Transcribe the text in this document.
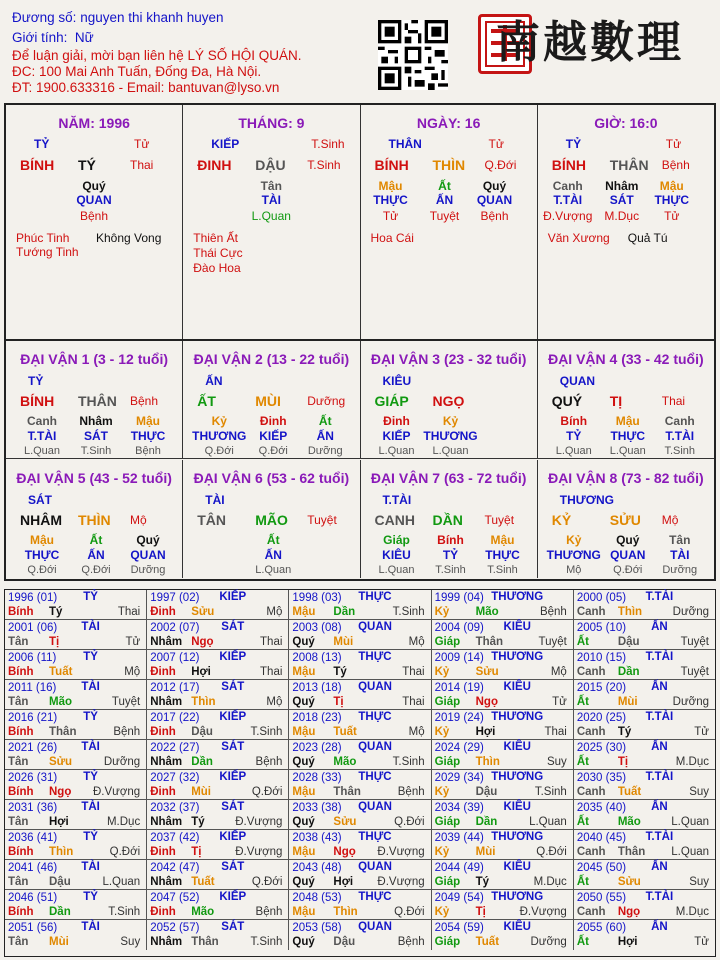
Đương số: nguyen thi khanh huyen
Giới tính: Nữ
Để luận giải, mời bạn liên hệ LÝ SỐ HỘI QUÁN.
ĐC: 100 Mai Anh Tuấn, Đống Đa, Hà Nội.
ĐT: 1900.633316 - Email: bantuvan@lyso.vn
南越數理
NĂM: 1996
TỶ	Tử
BÍNH TÝ	Thai
Quý
QUAN
Bệnh
Phúc Tinh Không Vong
Tướng Tinh
THÁNG: 9
KIẾP	T.Sinh
ĐINH DẬU T.Sinh
Tân
TÀI
L.Quan
Thiên Ất
Thái Cực
Đào Hoa
NGÀY: 16
THÂN	Tử
BÍNH THÌN Q.Đới
Mậu
THỰC
Tử
Ất
ẤN
Tuyệt
Quý
QUAN
Bệnh
Hoa Cái
GIỜ: 16:0
TỶ	Tử
BÍNH THÂN Bệnh
Canh
T.TÀI
Đ.Vượng
Nhâm
SÁT
M.Dục
Mậu
THỰC
Tử
Văn Xương Quả Tú
ĐẠI VẬN 1 (3 - 12 tuổi)
TỶ
BÍNH THÂN Bệnh
Canh
T.TÀI
L.Quan
Nhâm
SÁT
T.Sinh
Mậu
THỰC
Bệnh
ĐẠI VẬN 2 (13 - 22 tuổi)
ẤN
ẤT	MÙI Dưỡng
Kỷ
THƯƠNG
Q.Đới
Đinh
KIẾP
Q.Đới
Ất
ẤN
Dưỡng
ĐẠI VẬN 3 (23 - 32 tuổi)
KIÊU
GIÁP NGỌ
Đinh
KIẾP
L.Quan
Kỷ
THƯƠNG
L.Quan
ĐẠI VẬN 4 (33 - 42 tuổi)
QUAN
QUÝ TỊ	Thai
Bính
TỶ
L.Quan
Mậu
THỰC
L.Quan
Canh
T.TÀI
T.Sinh
ĐẠI VẬN 5 (43 - 52 tuổi)
SÁT
NHÂM THÌN Mộ
Mậu
THỰC
Q.Đới
Ất
ẤN
Q.Đới
Quý
QUAN
Dưỡng
ĐẠI VẬN 6 (53 - 62 tuổi)
TÀI
TÂN MÃO Tuyệt
Ất
ẤN
L.Quan
ĐẠI VẬN 7 (63 - 72 tuổi)
T.TÀI
CANH DẦN Tuyệt
Giáp
KIÊU
L.Quan
Bính
TỶ
T.Sinh
Mậu
THỰC
T.Sinh
ĐẠI VẬN 8 (73 - 82 tuổi)
THƯƠNG
KỶ	SỬU Mộ
Kỷ
THƯƠNG
Mộ
Quý
QUAN
Q.Đới
Tân
TÀI
Dưỡng
1996 (01)	TỶ
Bính Tý	Thai
1997 (02)	KIẾP
Đinh Sửu	Mộ
1998 (03)	THỰC
Mậu Dần	T.Sinh
1999 (04) THƯƠNG
Kỷ Mão	Bệnh
2000 (05)	T.TÀI
Canh Thìn	Dưỡng
2001 (06)	TÀI
Tân Tị	Tử
2002 (07)	SÁT
Nhâm Ngọ	Thai
2003 (08)	QUAN
Quý Mùi	Mộ
2004 (09)	KIÊU
Giáp Thân	Tuyệt
2005 (10)	ẤN
Ất	Dậu	Tuyệt
2006 (11)	TỶ
Bính Tuất	Mộ
2007 (12)	KIẾP
Đinh Hợi	Thai
2008 (13)	THỰC
Mậu Tý	Thai
2009 (14) THƯƠNG
Kỷ Sửu	Mộ
2010 (15)	T.TÀI
Canh Dần	Tuyệt
2011 (16)	TÀI
Tân Mão	Tuyệt
2012 (17)	SÁT
Nhâm Thìn	Mộ
2013 (18)	QUAN
Quý Tị	Thai
2014 (19)	KIÊU
Giáp Ngọ	Tử
2015 (20)	ẤN
Ất	Mùi	Dưỡng
2016 (21)	TỶ
Bính Thân	Bệnh
2017 (22)	KIẾP
Đinh Dậu	T.Sinh
2018 (23)	THỰC
Mậu Tuất	Mộ
2019 (24) THƯƠNG
Kỷ Hợi	Thai
2020 (25)	T.TÀI
Canh Tý	Tử
2021 (26)	TÀI
Tân Sửu	Dưỡng
2022 (27)	SÁT
Nhâm Dần	Bệnh
2023 (28)	QUAN
Quý Mão	T.Sinh
2024 (29)	KIÊU
Giáp Thìn	Suy
2025 (30)	ẤN
Ất	Tị	M.Dục
2026 (31)	TỶ
Bính Ngọ Đ.Vượng
2027 (32)	KIẾP
Đinh Mùi	Q.Đới
2028 (33)	THỰC
Mậu Thân	Bệnh
2029 (34) THƯƠNG
Kỷ Dậu	T.Sinh
2030 (35)	T.TÀI
Canh Tuất	Suy
2031 (36)	TÀI
Tân Hợi	M.Dục
2032 (37)	SÁT
Nhâm Tý	Đ.Vượng
2033 (38)	QUAN
Quý Sửu	Q.Đới
2034 (39)	KIÊU
Giáp Dần	L.Quan
2035 (40)	ẤN
Ất	Mão	L.Quan
2036 (41)	TỶ
Bính Thìn	Q.Đới
2037 (42)	KIẾP
Đinh Tị	Đ.Vượng
2038 (43)	THỰC
Mậu Ngọ Đ.Vượng
2039 (44) THƯƠNG
Kỷ Mùi	Q.Đới
2040 (45)	T.TÀI
Canh Thân L.Quan
2041 (46)	TÀI
Tân Dậu	L.Quan
2042 (47)	SÁT
Nhâm Tuất	Q.Đới
2043 (48)	QUAN
Quý Hợi Đ.Vượng
2044 (49)	KIÊU
Giáp Tý	M.Dục
2045 (50)	ẤN
Ất	Sửu	Suy
2046 (51)	TỶ
Bính Dần	T.Sinh
2047 (52)	KIẾP
Đinh Mão	Bệnh
2048 (53)	THỰC
Mậu Thìn	Q.Đới
2049 (54) THƯƠNG
Kỷ Tị	Đ.Vượng
2050 (55)	T.TÀI
Canh Ngọ	M.Dục
2051 (56)	TÀI
Tân Mùi	Suy
2052 (57)	SÁT
Nhâm Thân	T.Sinh
2053 (58)	QUAN
Quý Dậu	Bệnh
2054 (59)	KIÊU
Giáp Tuất	Dưỡng
2055 (60)	ẤN
Ất	Hợi	Tử
